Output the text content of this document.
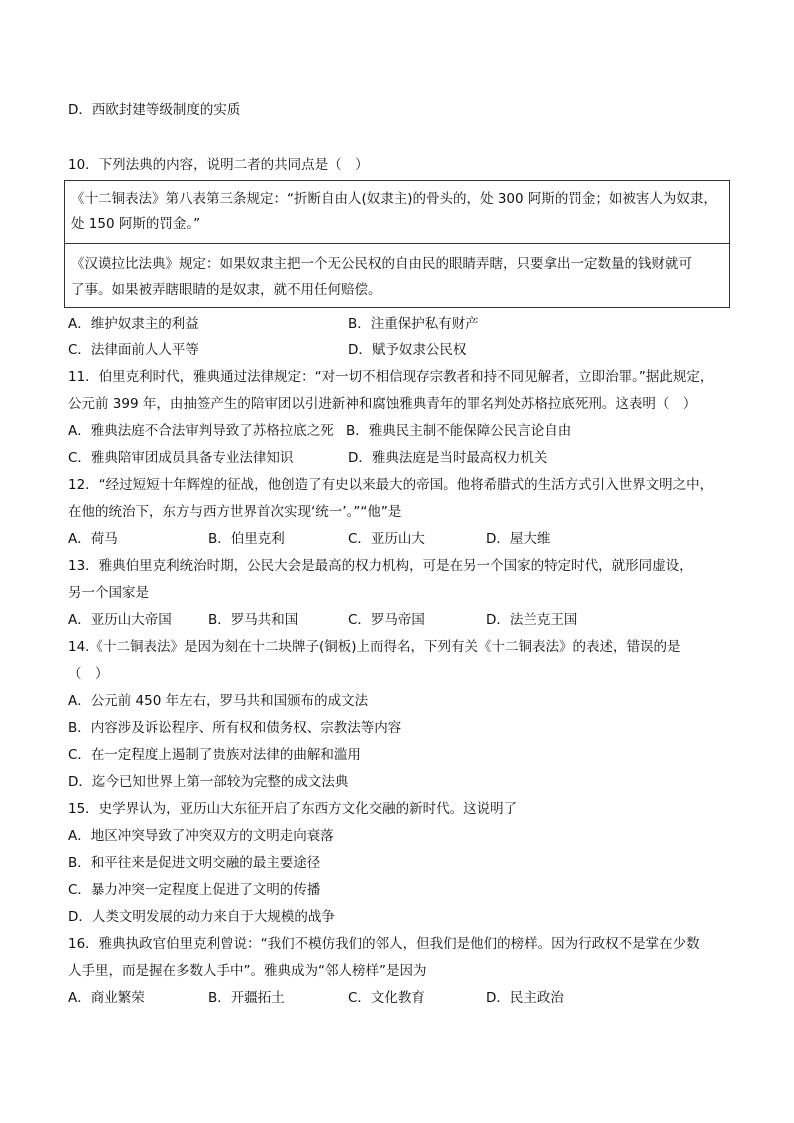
D．西欧封建等级制度的实质
10．下列法典的内容，说明二者的共同点是（　）
《十二铜表法》第八表第三条规定：“折断自由人(奴隶主)的骨头的，处 300 阿斯的罚金；如被害人为奴隶，
处 150 阿斯的罚金。”
《汉谟拉比法典》规定：如果奴隶主把一个无公民权的自由民的眼睛弄瞎，只要拿出一定数量的钱财就可
了事。如果被弄瞎眼睛的是奴隶，就不用任何赔偿。
A．维护奴隶主的利益	B．注重保护私有财产
C．法律面前人人平等	D．赋予奴隶公民权
11．伯里克利时代，雅典通过法律规定：“对一切不相信现存宗教者和持不同见解者，立即治罪。”据此规定，
公元前 399 年，由抽签产生的陪审团以引进新神和腐蚀雅典青年的罪名判处苏格拉底死刑。这表明（　）
A．雅典法庭不合法审判导致了苏格拉底之死 B．雅典民主制不能保障公民言论自由
C．雅典陪审团成员具备专业法律知识	D．雅典法庭是当时最高权力机关
12．“经过短短十年辉煌的征战，他创造了有史以来最大的帝国。他将希腊式的生活方式引入世界文明之中，
在他的统治下，东方与西方世界首次实现‘统一’。”“他”是
A．荷马	B．伯里克利	C．亚历山大	D．屋大维
13．雅典伯里克利统治时期，公民大会是最高的权力机构，可是在另一个国家的特定时代，就形同虚设，
另一个国家是
A．亚历山大帝国	B．罗马共和国	C．罗马帝国	D．法兰克王国
14.《十二铜表法》是因为刻在十二块牌子(铜板)上而得名，下列有关《十二铜表法》的表述，错误的是
（　）
A．公元前 450 年左右，罗马共和国颁布的成文法
B．内容涉及诉讼程序、所有权和债务权、宗教法等内容
C．在一定程度上遏制了贵族对法律的曲解和滥用
D．迄今已知世界上第一部较为完整的成文法典
15．史学界认为，亚历山大东征开启了东西方文化交融的新时代。这说明了
A．地区冲突导致了冲突双方的文明走向衰落
B．和平往来是促进文明交融的最主要途径
C．暴力冲突一定程度上促进了文明的传播
D．人类文明发展的动力来自于大规模的战争
16．雅典执政官伯里克利曾说：“我们不模仿我们的邻人，但我们是他们的榜样。因为行政权不是掌在少数
人手里，而是握在多数人手中”。雅典成为“邻人榜样”是因为
A．商业繁荣	B．开疆拓土	C．文化教育	D．民主政治
